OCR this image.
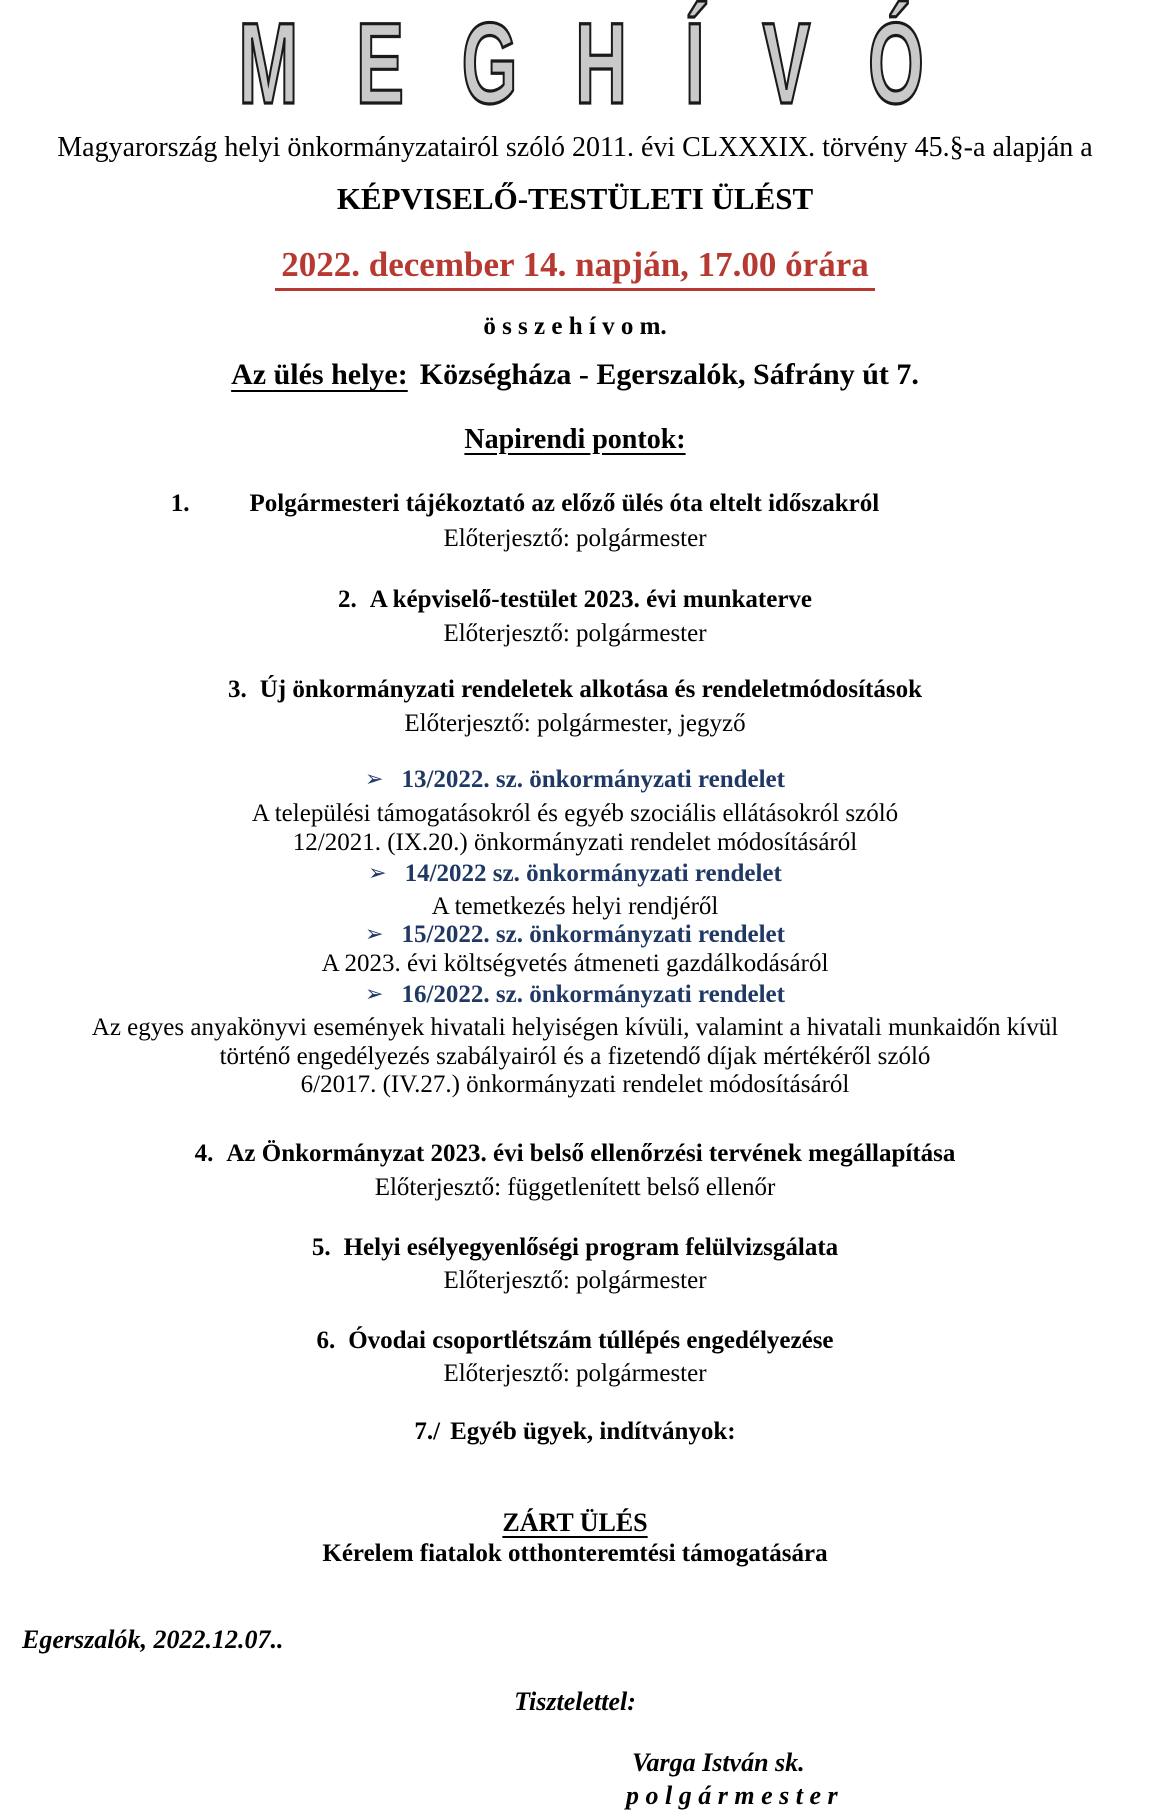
MEGHÍVÓ
Magyarország helyi önkormányzatairól szóló 2011. évi CLXXXIX. törvény 45.§-a alapján a
KÉPVISELŐ-TESTÜLETI ÜLÉST
2022. december 14. napján, 17.00 órára
ö s s z e h í v o m.
Az ülés helye: Községháza - Egerszalók, Sáfrány út 7.
Napirendi pontok:
1. Polgármesteri tájékoztató az előző ülés óta eltelt időszakról
Előterjesztő: polgármester
2. A képviselő-testület 2023. évi munkaterve
Előterjesztő: polgármester
3. Új önkormányzati rendeletek alkotása és rendeletmódosítások
Előterjesztő: polgármester, jegyző
➢ 13/2022. sz. önkormányzati rendelet
A települési támogatásokról és egyéb szociális ellátásokról szóló
12/2021. (IX.20.) önkormányzati rendelet módosításáról
➢ 14/2022 sz. önkormányzati rendelet
A temetkezés helyi rendjéről
➢ 15/2022. sz. önkormányzati rendelet
A 2023. évi költségvetés átmeneti gazdálkodásáról
➢ 16/2022. sz. önkormányzati rendelet
Az egyes anyakönyvi események hivatali helyiségen kívüli, valamint a hivatali munkaidőn kívül
történő engedélyezés szabályairól és a fizetendő díjak mértékéről szóló
6/2017. (IV.27.) önkormányzati rendelet módosításáról
4. Az Önkormányzat 2023. évi belső ellenőrzési tervének megállapítása
Előterjesztő: függetlenített belső ellenőr
5. Helyi esélyegyenlőségi program felülvizsgálata
Előterjesztő: polgármester
6. Óvodai csoportlétszám túllépés engedélyezése
Előterjesztő: polgármester
7./ Egyéb ügyek, indítványok:
ZÁRT ÜLÉS
Kérelem fiatalok otthonteremtési támogatására
Egerszalók, 2022.12.07..
Tisztelettel:
Varga István sk.
p o l g á r m e s t e r
